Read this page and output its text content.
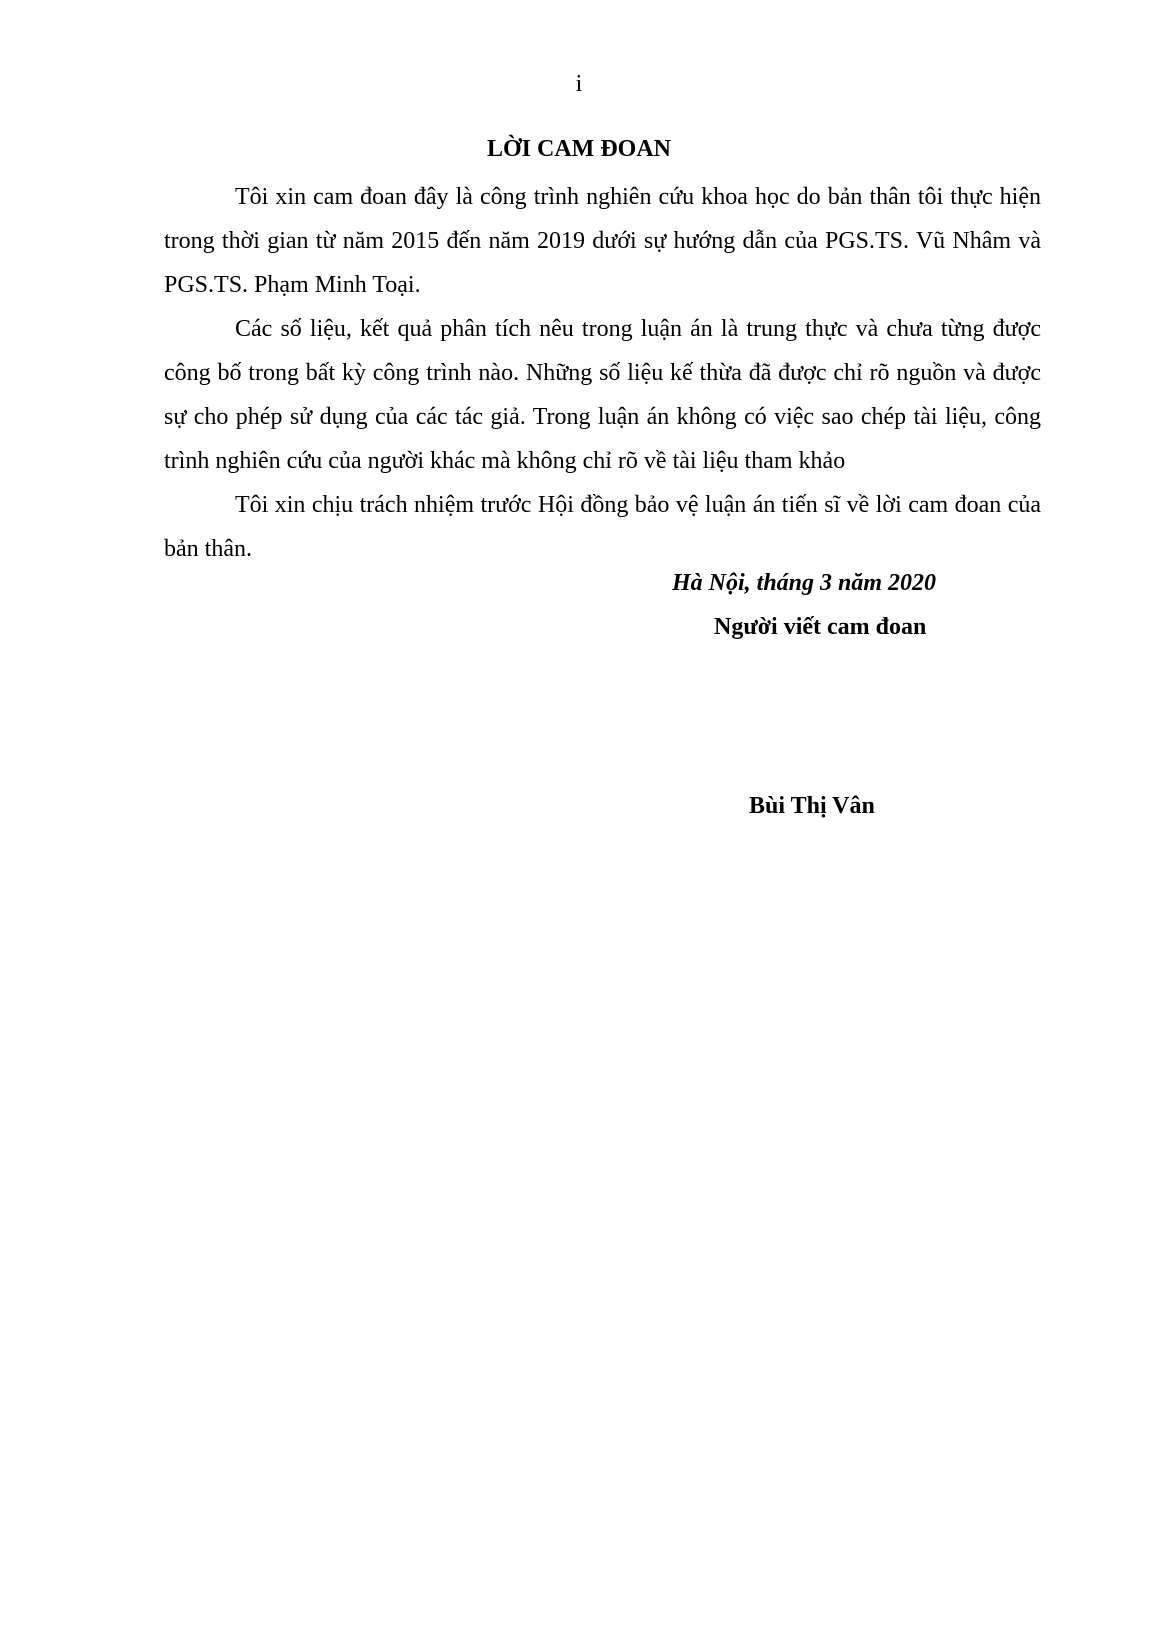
i
LỜI CAM ĐOAN

Tôi xin cam đoan đây là công trình nghiên cứu khoa học do bản thân tôi thực hiện trong thời gian từ năm 2015 đến năm 2019 dưới sự hướng dẫn của PGS.TS. Vũ Nhâm và PGS.TS. Phạm Minh Toại.

Các số liệu, kết quả phân tích nêu trong luận án là trung thực và chưa từng được công bố trong bất kỳ công trình nào. Những số liệu kế thừa đã được chỉ rõ nguồn và được sự cho phép sử dụng của các tác giả. Trong luận án không có việc sao chép tài liệu, công trình nghiên cứu của người khác mà không chỉ rõ về tài liệu tham khảo

Tôi xin chịu trách nhiệm trước Hội đồng bảo vệ luận án tiến sĩ về lời cam đoan của bản thân.

Hà Nội, tháng 3 năm 2020
Người viết cam đoan
Bùi Thị Vân
